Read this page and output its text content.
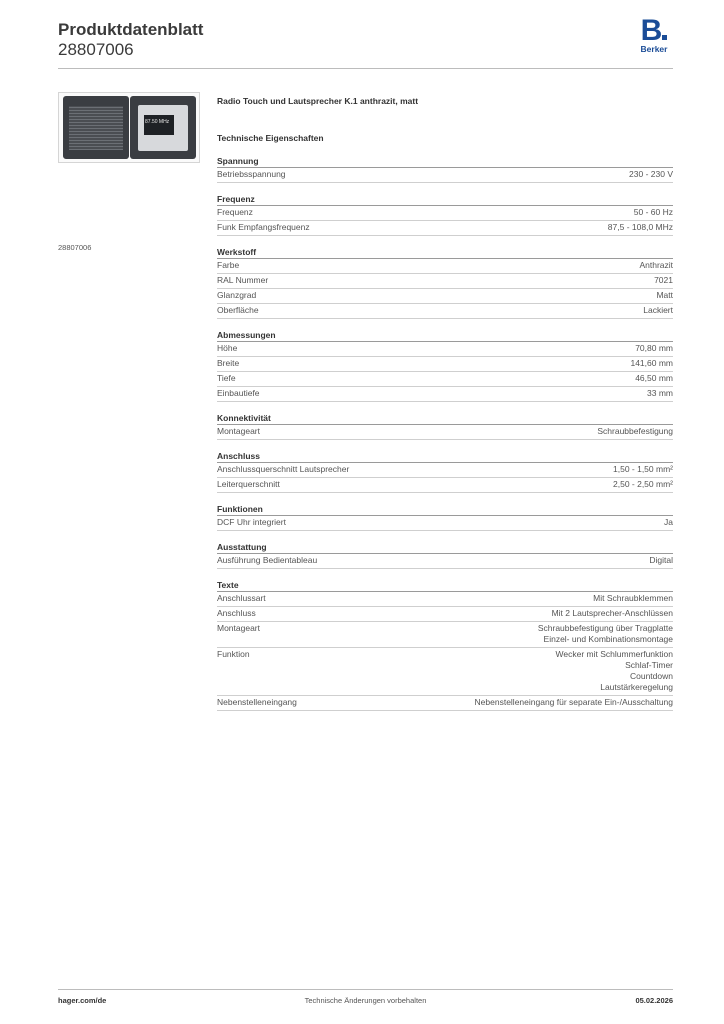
Produktdatenblatt
28807006
B
Berker
87.50 MHz
28807006
Radio Touch und Lautsprecher K.1 anthrazit, matt
Technische Eigenschaften
Spannung
Betriebsspannung	230 - 230 V
Frequenz
Frequenz	50 - 60 Hz
Funk Empfangsfrequenz	87,5 - 108,0 MHz
Werkstoff
Farbe	Anthrazit
RAL Nummer	7021
Glanzgrad	Matt
Oberfläche	Lackiert
Abmessungen
Höhe	70,80 mm
Breite	141,60 mm
Tiefe	46,50 mm
Einbautiefe	33 mm
Konnektivität
Montageart	Schraubbefestigung
Anschluss
Anschlussquerschnitt Lautsprecher	1,50 - 1,50 mm²
Leiterquerschnitt	2,50 - 2,50 mm²
Funktionen
DCF Uhr integriert	Ja
Ausstattung
Ausführung Bedientableau	Digital
Texte
Anschlussart	Mit Schraubklemmen
Anschluss	Mit 2 Lautsprecher-Anschlüssen
Montageart	Schraubbefestigung über Tragplatte
Einzel- und Kombinationsmontage
Funktion	Wecker mit Schlummerfunktion
Schlaf-Timer
Countdown
Lautstärkeregelung
Nebenstelleneingang	Nebenstelleneingang für separate Ein-/Ausschaltung
hager.com/de	Technische Änderungen vorbehalten	05.02.2026
